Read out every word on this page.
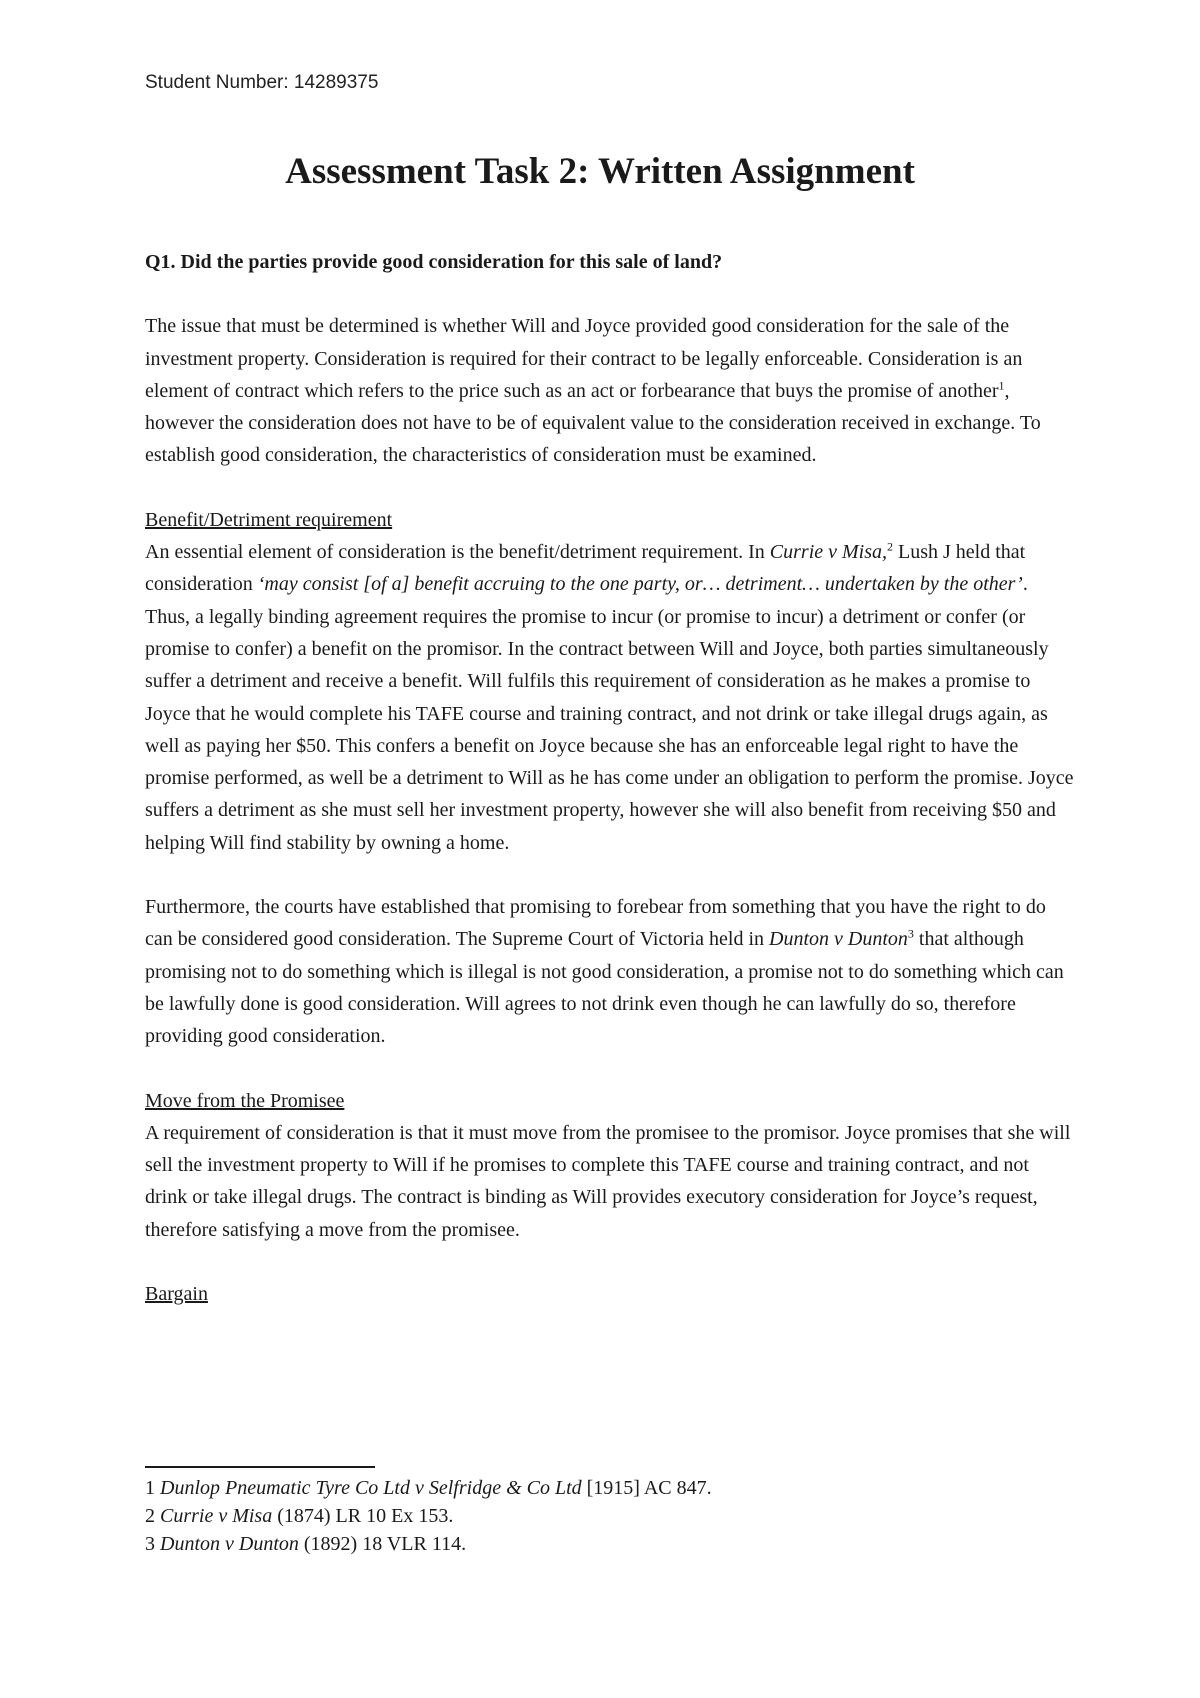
Student Number: 14289375
Assessment Task 2: Written Assignment

Q1. Did the parties provide good consideration for this sale of land?

The issue that must be determined is whether Will and Joyce provided good consideration for the sale of the investment property. Consideration is required for their contract to be legally enforceable. Consideration is an element of contract which refers to the price such as an act or forbearance that buys the promise of another$^1$, however the consideration does not have to be of equivalent value to the consideration received in exchange. To establish good consideration, the characteristics of consideration must be examined.

Benefit/Detriment requirement
An essential element of consideration is the benefit/detriment requirement. In Currie v Misa,$^2$ Lush J held that consideration ‘may consist [of a] benefit accruing to the one party, or… detriment… undertaken by the other’. Thus, a legally binding agreement requires the promise to incur (or promise to incur) a detriment or confer (or promise to confer) a benefit on the promisor. In the contract between Will and Joyce, both parties simultaneously suffer a detriment and receive a benefit. Will fulfils this requirement of consideration as he makes a promise to Joyce that he would complete his TAFE course and training contract, and not drink or take illegal drugs again, as well as paying her $50. This confers a benefit on Joyce because she has an enforceable legal right to have the promise performed, as well be a detriment to Will as he has come under an obligation to perform the promise. Joyce suffers a detriment as she must sell her investment property, however she will also benefit from receiving $50 and helping Will find stability by owning a home.

Furthermore, the courts have established that promising to forebear from something that you have the right to do can be considered good consideration. The Supreme Court of Victoria held in Dunton v Dunton$^3$ that although promising not to do something which is illegal is not good consideration, a promise not to do something which can be lawfully done is good consideration. Will agrees to not drink even though he can lawfully do so, therefore providing good consideration.

Move from the Promisee
A requirement of consideration is that it must move from the promisee to the promisor. Joyce promises that she will sell the investment property to Will if he promises to complete this TAFE course and training contract, and not drink or take illegal drugs. The contract is binding as Will provides executory consideration for Joyce’s request, therefore satisfying a move from the promisee.

Bargain

1 Dunlop Pneumatic Tyre Co Ltd v Selfridge & Co Ltd [1915] AC 847.
2 Currie v Misa (1874) LR 10 Ex 153.
3 Dunton v Dunton (1892) 18 VLR 114.
